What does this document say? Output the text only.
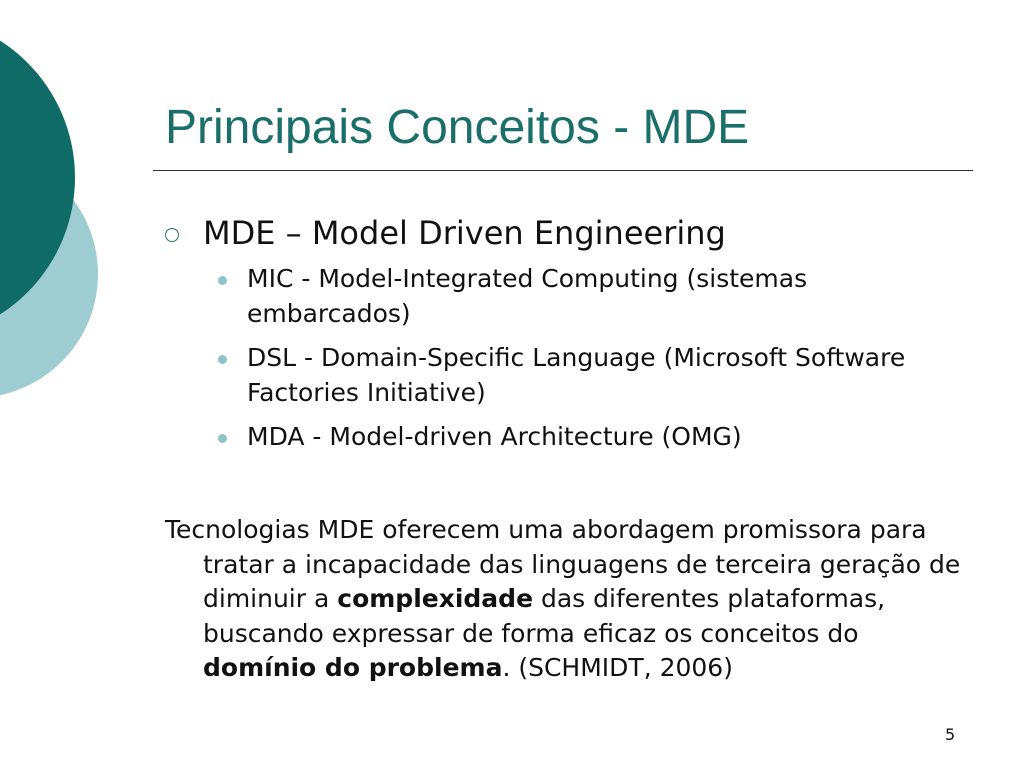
Principais Conceitos - MDE
MDE – Model Driven Engineering
MIC - Model-Integrated Computing (sistemas embarcados)
DSL - Domain-Specific Language (Microsoft Software Factories Initiative)
MDA - Model-driven Architecture (OMG)
Tecnologias MDE oferecem uma abordagem promissora para tratar a incapacidade das linguagens de terceira geração de diminuir a complexidade das diferentes plataformas, buscando expressar de forma eficaz os conceitos do domínio do problema. (SCHMIDT, 2006)
5
